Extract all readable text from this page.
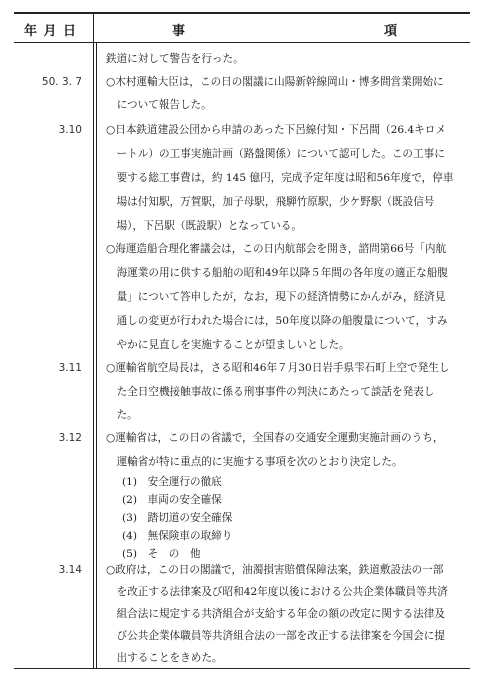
年 月 日	事	項
鉄道に対して警告を行った。
50. 3. 7 ○木村運輸大臣は，この日の閣議に山陽新幹線岡山・博多間営業開始に
　について報告した。
3.10 ○日本鉄道建設公団から申請のあった下呂線付知・下呂間（26.4キロメ
　ートル）の工事実施計画（路盤関係）について認可した。この工事に
　要する総工事費は，約 145 億円，完成予定年度は昭和56年度で，停車
　場は付知駅，万賀駅，加子母駅，飛騨竹原駅，少ケ野駅（既設信号
　場），下呂駅（既設駅）となっている。
○海運造船合理化審議会は，この日内航部会を開き，諮問第66号「内航
　海運業の用に供する船舶の昭和49年以降５年間の各年度の適正な船腹
　量」について答申したが，なお，現下の経済情勢にかんがみ，経済見
　通しの変更が行われた場合には，50年度以降の船腹量について，すみ
　やかに見直しを実施することが望ましいとした。
3.11 ○運輸省航空局長は，さる昭和46年７月30日岩手県雫石町上空で発生し
　た全日空機接触事故に係る刑事事件の判決にあたって談話を発表し
　た。
3.12 ○運輸省は，この日の省議で，全国春の交通安全運動実施計画のうち，
　運輸省が特に重点的に実施する事項を次のとおり決定した。
(1)　安全運行の徹底
(2)　車両の安全確保
(3)　踏切道の安全確保
(4)　無保険車の取締り
(5)　そ　の　他
3.14 ○政府は，この日の閣議で，油濁損害賠償保障法案，鉄道敷設法の一部
　を改正する法律案及び昭和42年度以後における公共企業体職員等共済
　組合法に規定する共済組合が支給する年金の額の改定に関する法律及
　び公共企業体職員等共済組合法の一部を改正する法律案を今国会に提
　出することをきめた。
